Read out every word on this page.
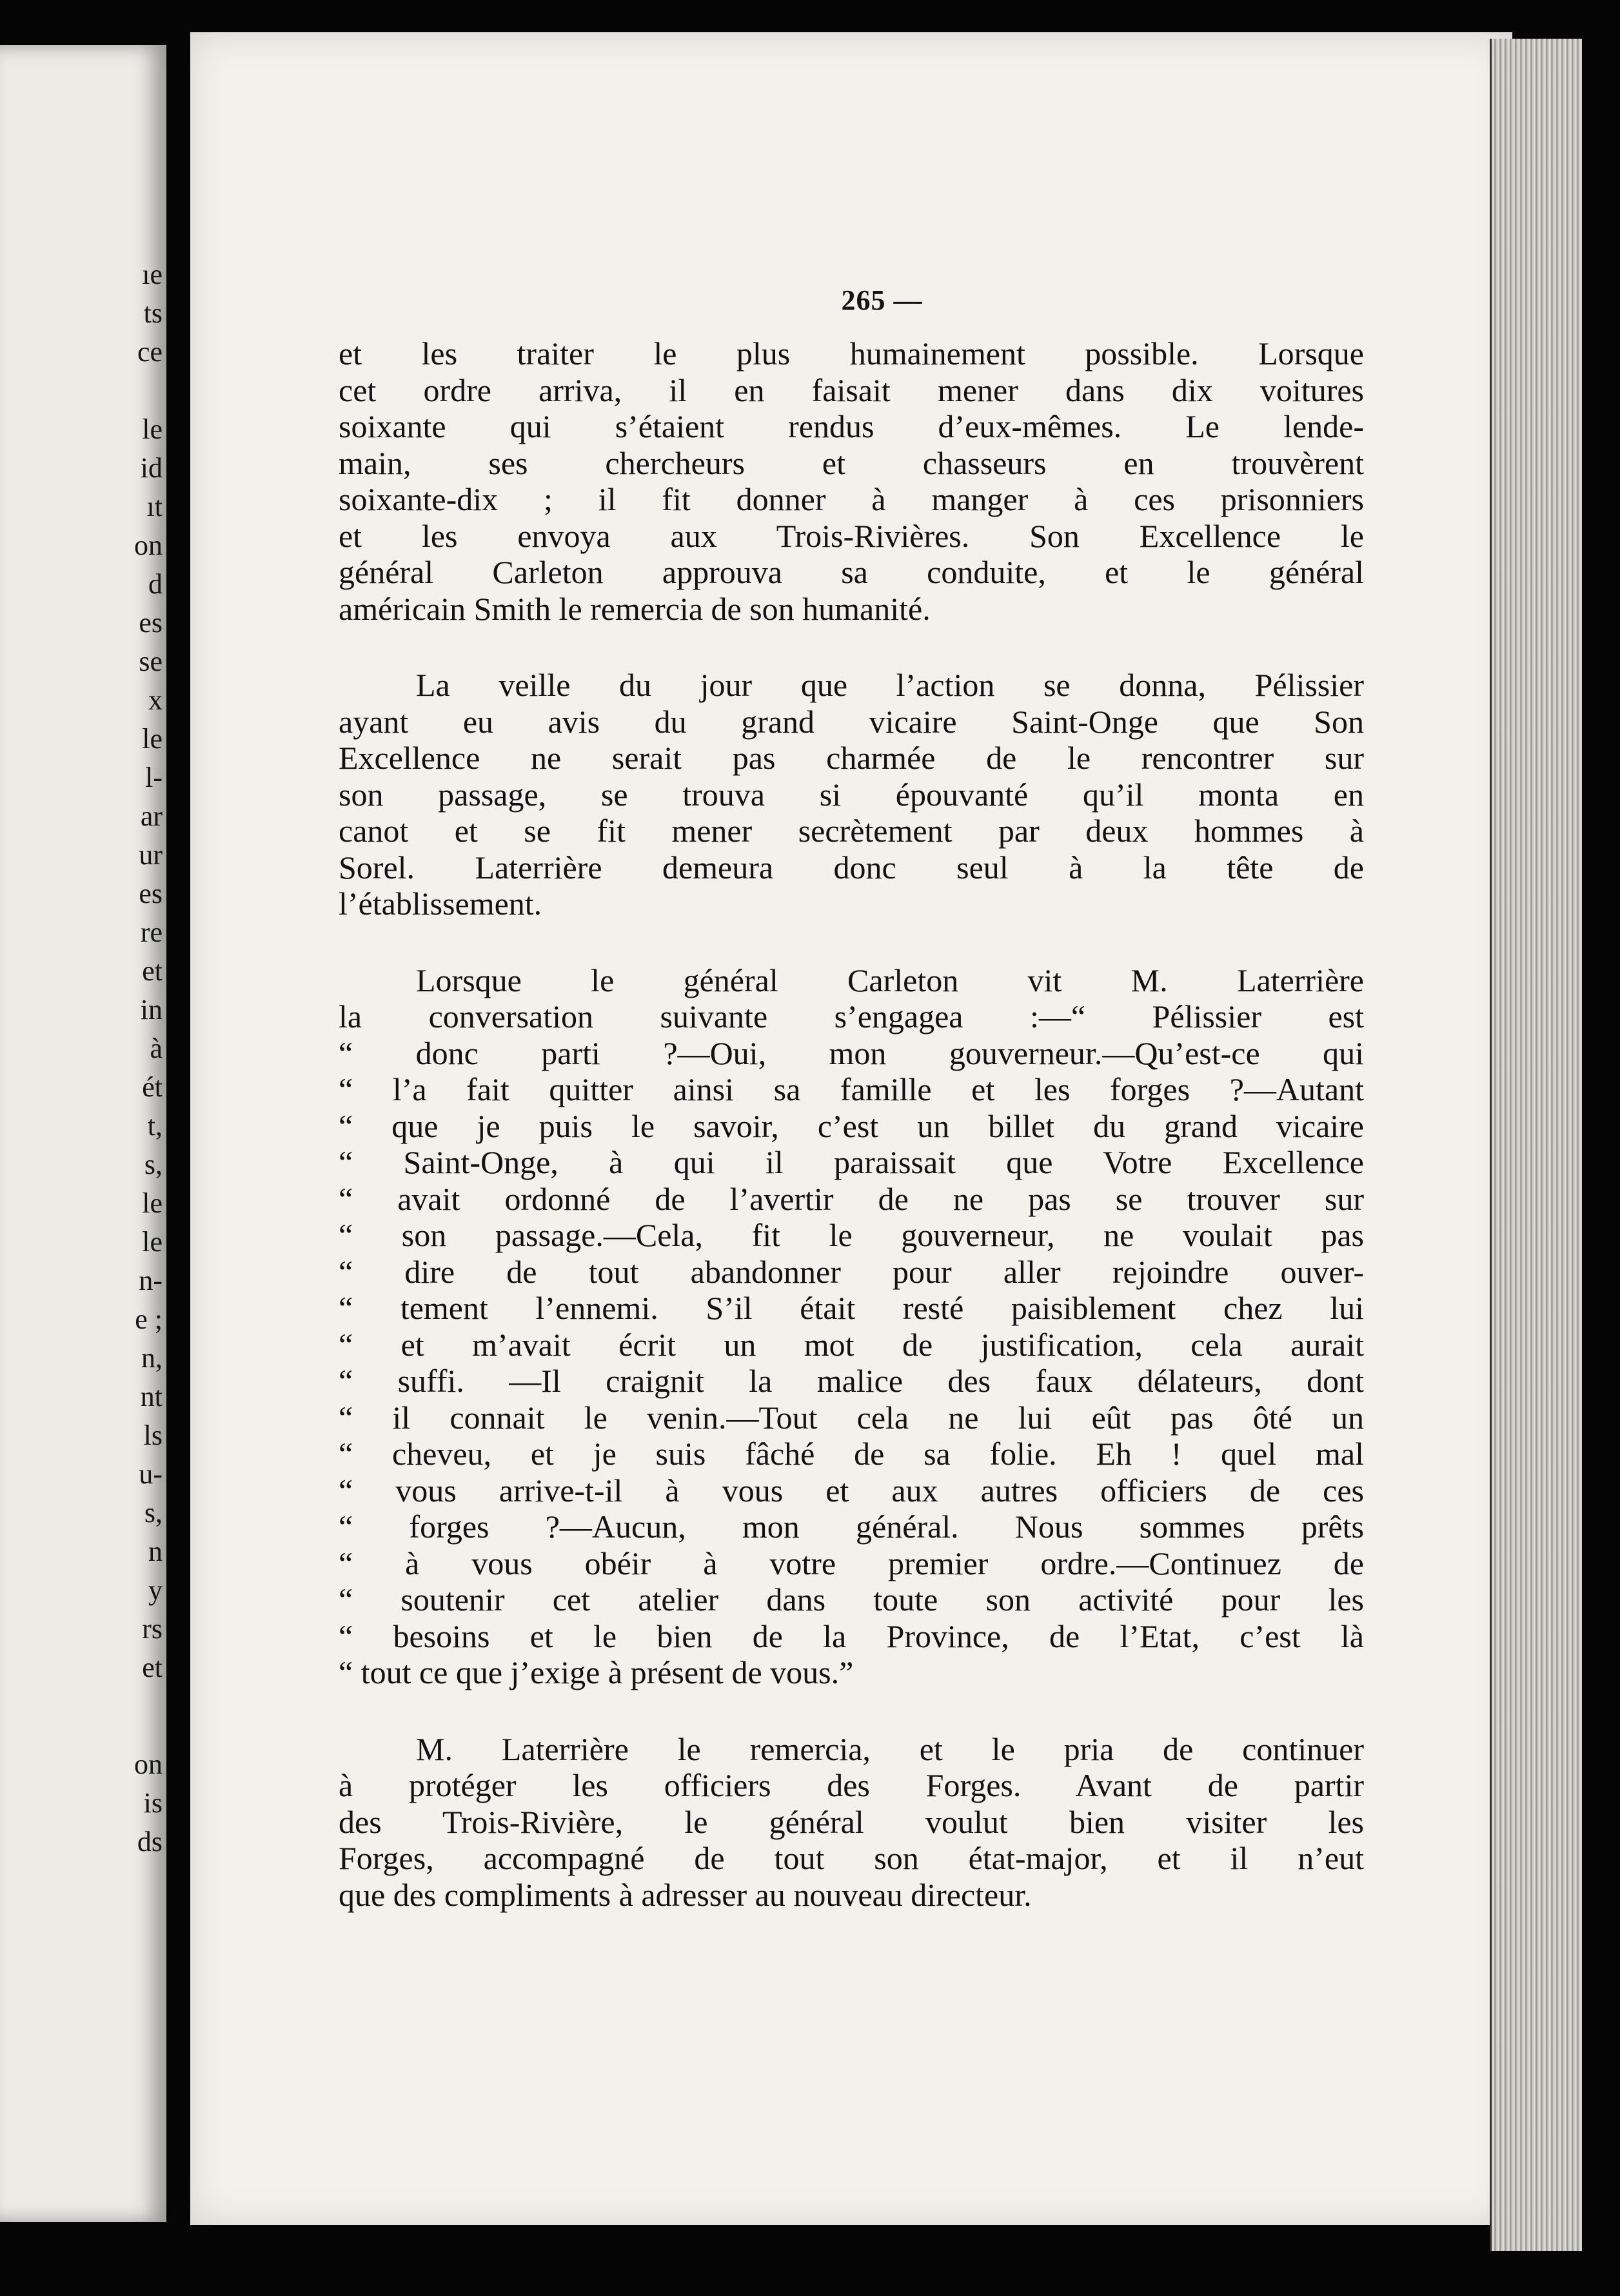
ıe
ts
ce
le
id
ıt
on
d
es
se
x
le
l-
ar
ur
es
re
et
in
à
ét
t,
s,
le
le
n-
e ;
n,
nt
ls
u-
s,
n
y
rs
et
on
is
ds

265 —

et les traiter le plus humainement possible. Lorsque
cet ordre arriva, il en faisait mener dans dix voitures
soixante qui s’étaient rendus d’eux-mêmes. Le lende-
main, ses chercheurs et chasseurs en trouvèrent
soixante-dix ; il fit donner à manger à ces prisonniers
et les envoya aux Trois-Rivières. Son Excellence le
général Carleton approuva sa conduite, et le général
américain Smith le remercia de son humanité.
La veille du jour que l’action se donna, Pélissier
ayant eu avis du grand vicaire Saint-Onge que Son
Excellence ne serait pas charmée de le rencontrer sur
son passage, se trouva si épouvanté qu’il monta en
canot et se fit mener secrètement par deux hommes à
Sorel. Laterrière demeura donc seul à la tête de
l’établissement.
Lorsque le général Carleton vit M. Laterrière
la conversation suivante s’engagea :—“ Pélissier est
“ donc parti ?—Oui, mon gouverneur.—Qu’est-ce qui
“ l’a fait quitter ainsi sa famille et les forges ?—Autant
“ que je puis le savoir, c’est un billet du grand vicaire
“ Saint-Onge, à qui il paraissait que Votre Excellence
“ avait ordonné de l’avertir de ne pas se trouver sur
“ son passage.—Cela, fit le gouverneur, ne voulait pas
“ dire de tout abandonner pour aller rejoindre ouver-
“ tement l’ennemi. S’il était resté paisiblement chez lui
“ et m’avait écrit un mot de justification, cela aurait
“ suffi. —Il craignit la malice des faux délateurs, dont
“ il connait le venin.—Tout cela ne lui eût pas ôté un
“ cheveu, et je suis fâché de sa folie. Eh ! quel mal
“ vous arrive-t-il à vous et aux autres officiers de ces
“ forges ?—Aucun, mon général. Nous sommes prêts
“ à vous obéir à votre premier ordre.—Continuez de
“ soutenir cet atelier dans toute son activité pour les
“ besoins et le bien de la Province, de l’Etat, c’est là
“ tout ce que j’exige à présent de vous.”
M. Laterrière le remercia, et le pria de continuer
à protéger les officiers des Forges. Avant de partir
des Trois-Rivière, le général voulut bien visiter les
Forges, accompagné de tout son état-major, et il n’eut
que des compliments à adresser au nouveau directeur.
